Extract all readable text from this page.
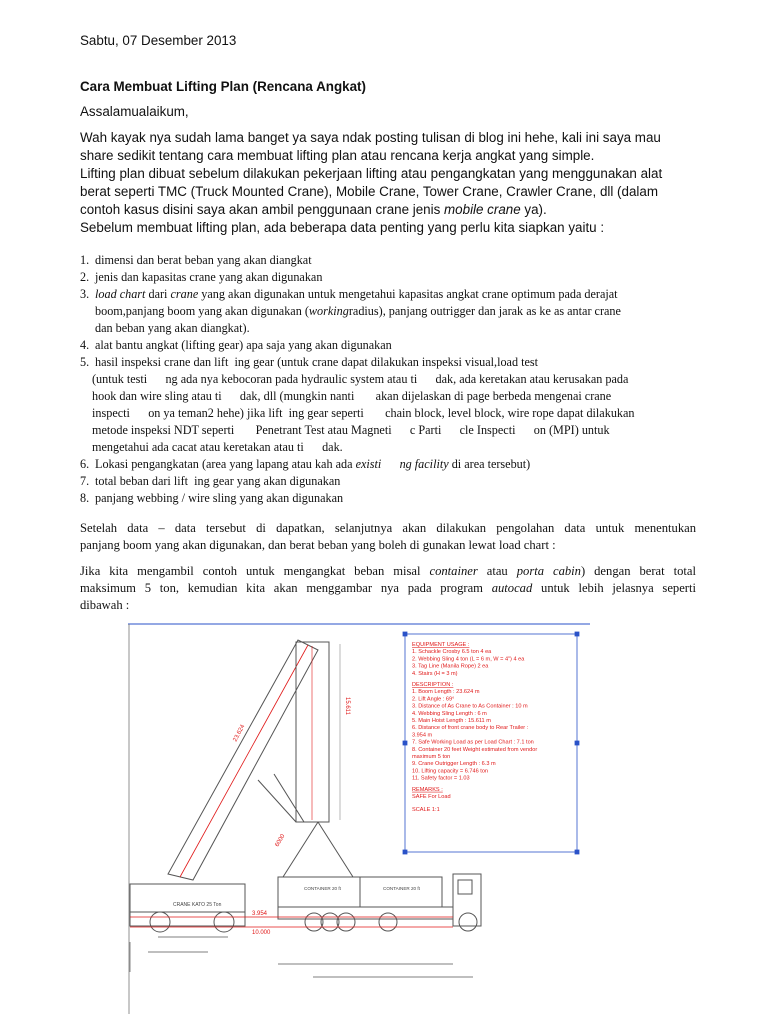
Sabtu, 07 Desember 2013
Cara Membuat Lifting Plan (Rencana Angkat)
Assalamualaikum,
Wah kayak nya sudah lama banget ya saya ndak posting tulisan di blog ini hehe, kali ini saya mau
share sedikit tentang cara membuat lifting plan atau rencana kerja angkat yang simple.
Lifting plan dibuat sebelum dilakukan pekerjaan lifting atau pengangkatan yang menggunakan alat
berat seperti TMC (Truck Mounted Crane), Mobile Crane, Tower Crane, Crawler Crane, dll (dalam
contoh kasus disini saya akan ambil penggunaan crane jenis mobile crane ya).
Sebelum membuat lifting plan, ada beberapa data penting yang perlu kita siapkan yaitu :
1. dimensi dan berat beban yang akan diangkat
2. jenis dan kapasitas crane yang akan digunakan
3. load chart dari crane yang akan digunakan untuk mengetahui kapasitas angkat crane optimum pada derajat
boom,panjang boom yang akan digunakan ( working radius), panjang outrigger dan jarak as ke as antar crane
dan beban yang akan diangkat).
4. alat bantu angkat (lifting gear) apa saja yang akan digunakan
5. hasil inspeksi crane dan lift  ing gear (untuk crane dapat dilakukan inspeksi visual,load test
(untuk testi      ng ada nya kebocoran pada hydraulic system atau ti      dak, ada keretakan atau kerusakan pada
hook dan wire sling atau ti      dak, dll (mungkin nanti       akan dijelaskan di page berbeda mengenai crane
inspecti      on ya teman2 hehe) jika lift  ing gear seperti       chain block, level block, wire rope dapat dilakukan
metode inspeksi NDT seperti       Penetrant Test atau Magneti      c Parti      cle Inspecti      on (MPI) untuk
mengetahui ada cacat atau keretakan atau ti      dak.
6. Lokasi pengangkatan (area yang lapang atau kah ada existi      ng facility di area tersebut)
7. total beban dari lift  ing gear yang akan digunakan
8. panjang webbing / wire sling yang akan digunakan
Setelah data – data tersebut di dapatkan, selanjutnya akan dilakukan pengolahan data untuk menentukan
panjang boom yang akan digunakan, dan berat beban yang boleh di gunakan lewat load chart :
Jika kita mengambil contoh untuk mengangkat beban misal container atau porta cabin) dengan berat total
maksimum 5 ton, kemudian kita akan menggambar nya pada program autocad untuk lebih jelasnya seperti
dibawah :
23.624
15.611
6000
CRANE KATO 25 Ton
CONTAINER 20 ft	CONTAINER 20 ft
3.954
10.000
EQUIPMENT USAGE :
1. Schackle Crosby 6.5 ton 4 ea
2. Webbing Sling 4 ton (L = 6 m, W = 4") 4 ea
3. Tag Line (Manila Rope) 2 ea
4. Stairs (H = 3 m)
DESCRIPTION :
1. Boom Length : 23.624 m
2. Lift Angle : 69°
3. Distance of As Crane to As Container : 10 m
4. Webbing Sling Length : 6 m
5. Main Hoist Length : 15.611 m
6. Distance of front crane body to Rear Trailer :
3.954 m
7. Safe Working Load as per Load Chart : 7.1 ton
8. Container 20 feet Weight estimated from vendor
maximum 5 ton
9. Crane Outrigger Length : 6.3 m
10. Lifting capacity = 6.746 ton
11. Safety factor = 1.03
REMARKS :
SAFE For Load
SCALE 1:1
